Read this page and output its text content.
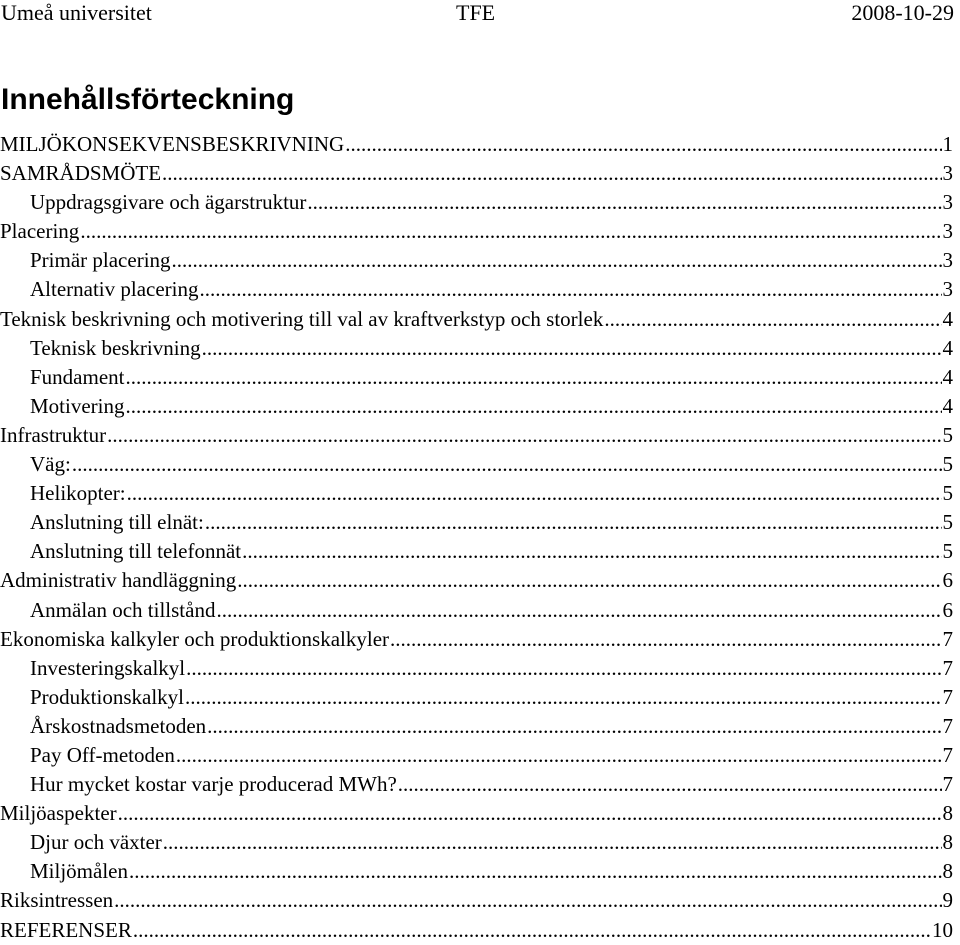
Umeå universitet	TFE	2008-10-29
Innehållsförteckning
MILJÖKONSEKVENSBESKRIVNING .....	1
SAMRÅDSMÖTE .....	3
Uppdragsgivare och ägarstruktur .....	3
Placering .....	3
Primär placering .....	3
Alternativ placering .....	3
Teknisk beskrivning och motivering till val av kraftverkstyp och storlek .....	4
Teknisk beskrivning .....	4
Fundament .....	4
Motivering .....	4
Infrastruktur .....	5
Väg: .....	5
Helikopter: .....	5
Anslutning till elnät: .....	5
Anslutning till telefonnät .....	5
Administrativ handläggning .....	6
Anmälan och tillstånd .....	6
Ekonomiska kalkyler och produktionskalkyler .....	7
Investeringskalkyl .....	7
Produktionskalkyl .....	7
Årskostnadsmetoden .....	7
Pay Off-metoden .....	7
Hur mycket kostar varje producerad MWh? .....	7
Miljöaspekter .....	8
Djur och växter .....	8
Miljömålen .....	8
Riksintressen .....	9
REFERENSER .....	10
